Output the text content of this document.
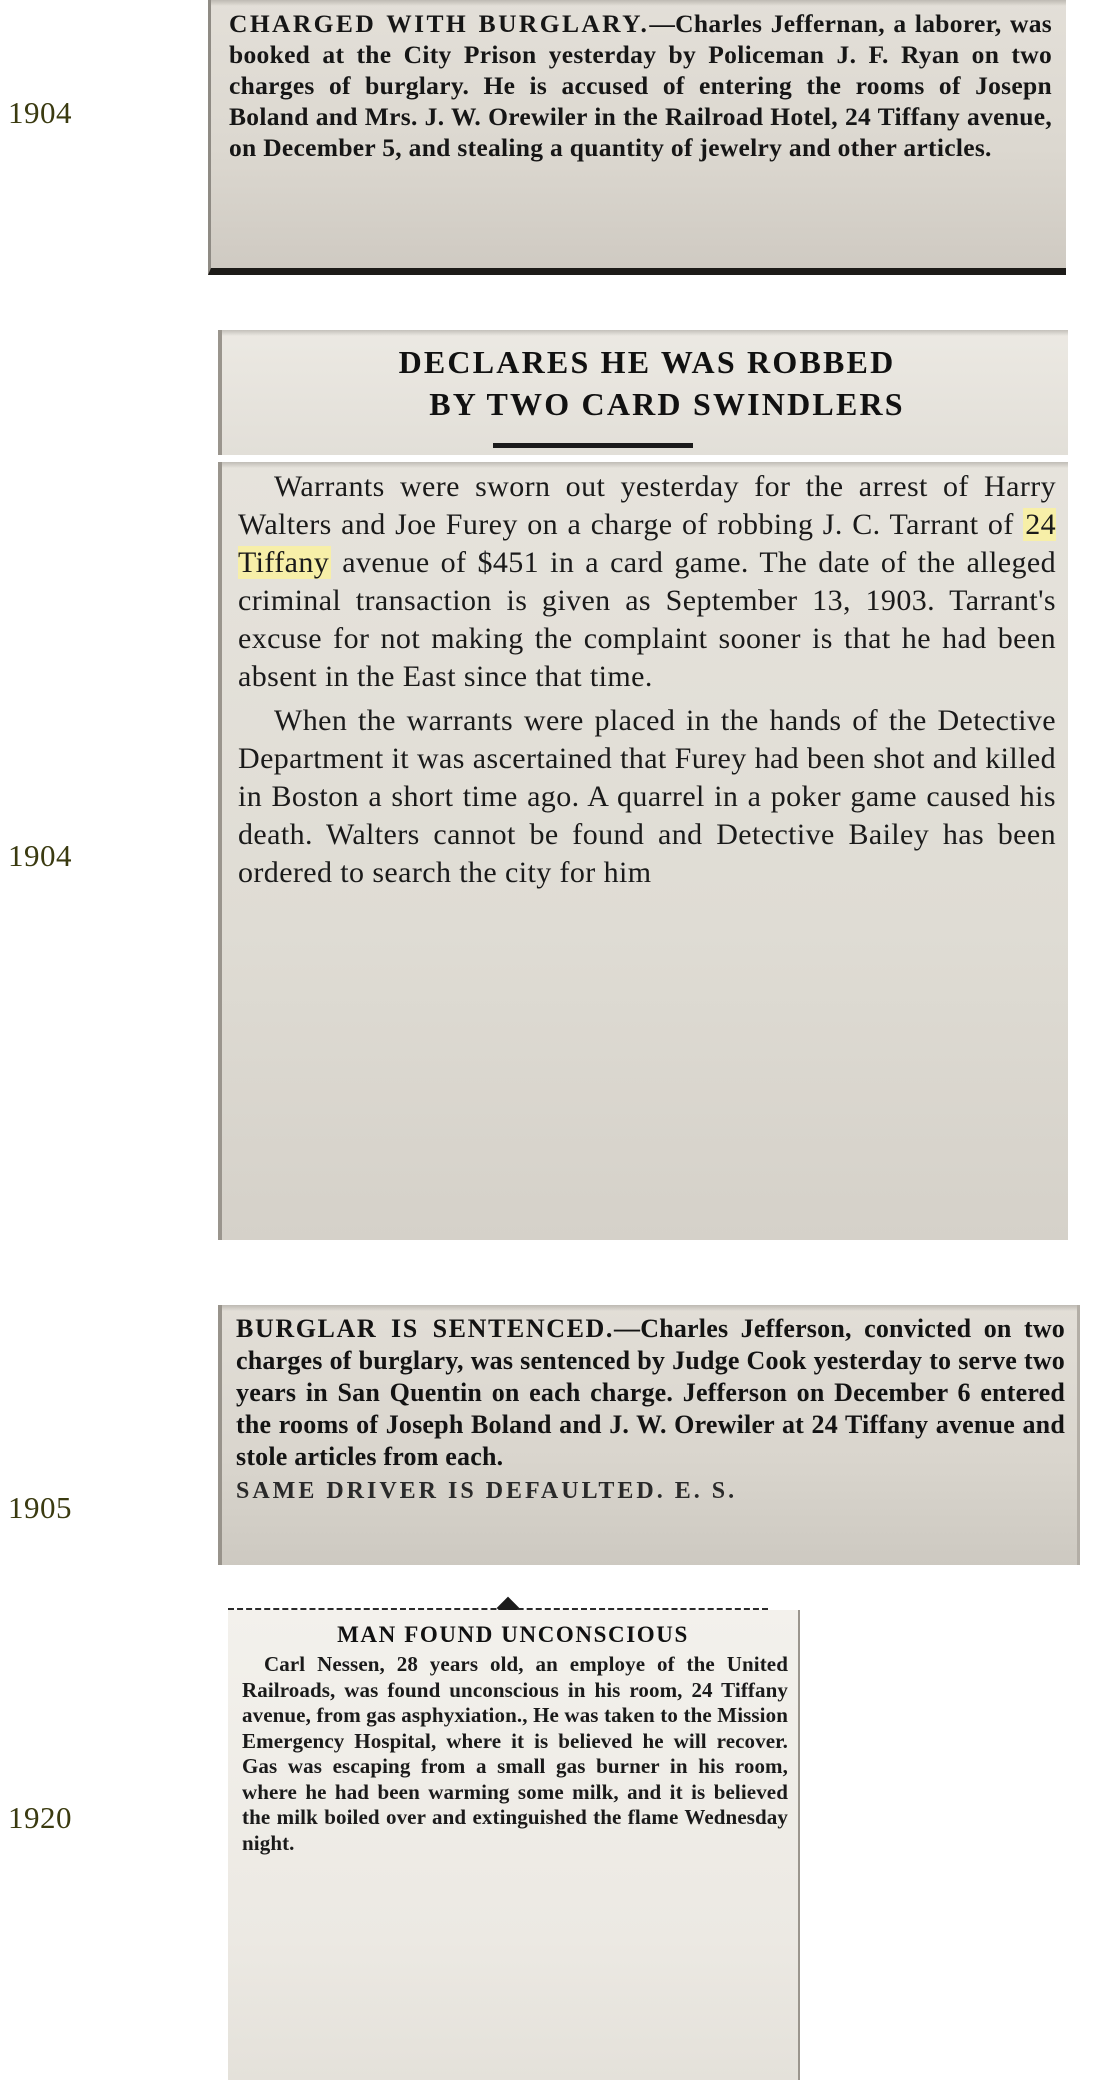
1904
1904
1905
1920
CHARGED WITH BURGLARY.—Charles Jeffernan, a laborer, was booked at the City Prison yesterday by Policeman J. F. Ryan on two charges of burglary. He is accused of entering the rooms of Josepn Boland and Mrs. J. W. Orewiler in the Railroad Hotel, 24 Tiffany avenue, on December 5, and stealing a quantity of jewelry and other articles.
DECLARES HE WAS ROBBED
BY TWO CARD SWINDLERS
Warrants were sworn out yesterday for the arrest of Harry Walters and Joe Furey on a charge of robbing J. C. Tarrant of 24 Tiffany avenue of $451 in a card game. The date of the alleged criminal transaction is given as September 13, 1903. Tarrant's excuse for not making the complaint sooner is that he had been absent in the East since that time.
When the warrants were placed in the hands of the Detective Department it was ascertained that Furey had been shot and killed in Boston a short time ago. A quarrel in a poker game caused his death. Walters cannot be found and Detective Bailey has been ordered to search the city for him
BURGLAR IS SENTENCED.—Charles Jefferson, convicted on two charges of burglary, was sentenced by Judge Cook yesterday to serve two years in San Quentin on each charge. Jefferson on December 6 entered the rooms of Joseph Boland and J. W. Orewiler at 24 Tiffany avenue and stole articles from each.
SAME DRIVER IS DEFAULTED. E. S.
MAN FOUND UNCONSCIOUS
Carl Nessen, 28 years old, an employe of the United Railroads, was found unconscious in his room, 24 Tiffany avenue, from gas asphyxiation., He was taken to the Mission Emergency Hospital, where it is believed he will recover. Gas was escaping from a small gas burner in his room, where he had been warming some milk, and it is believed the milk boiled over and extinguished the flame Wednesday night.
